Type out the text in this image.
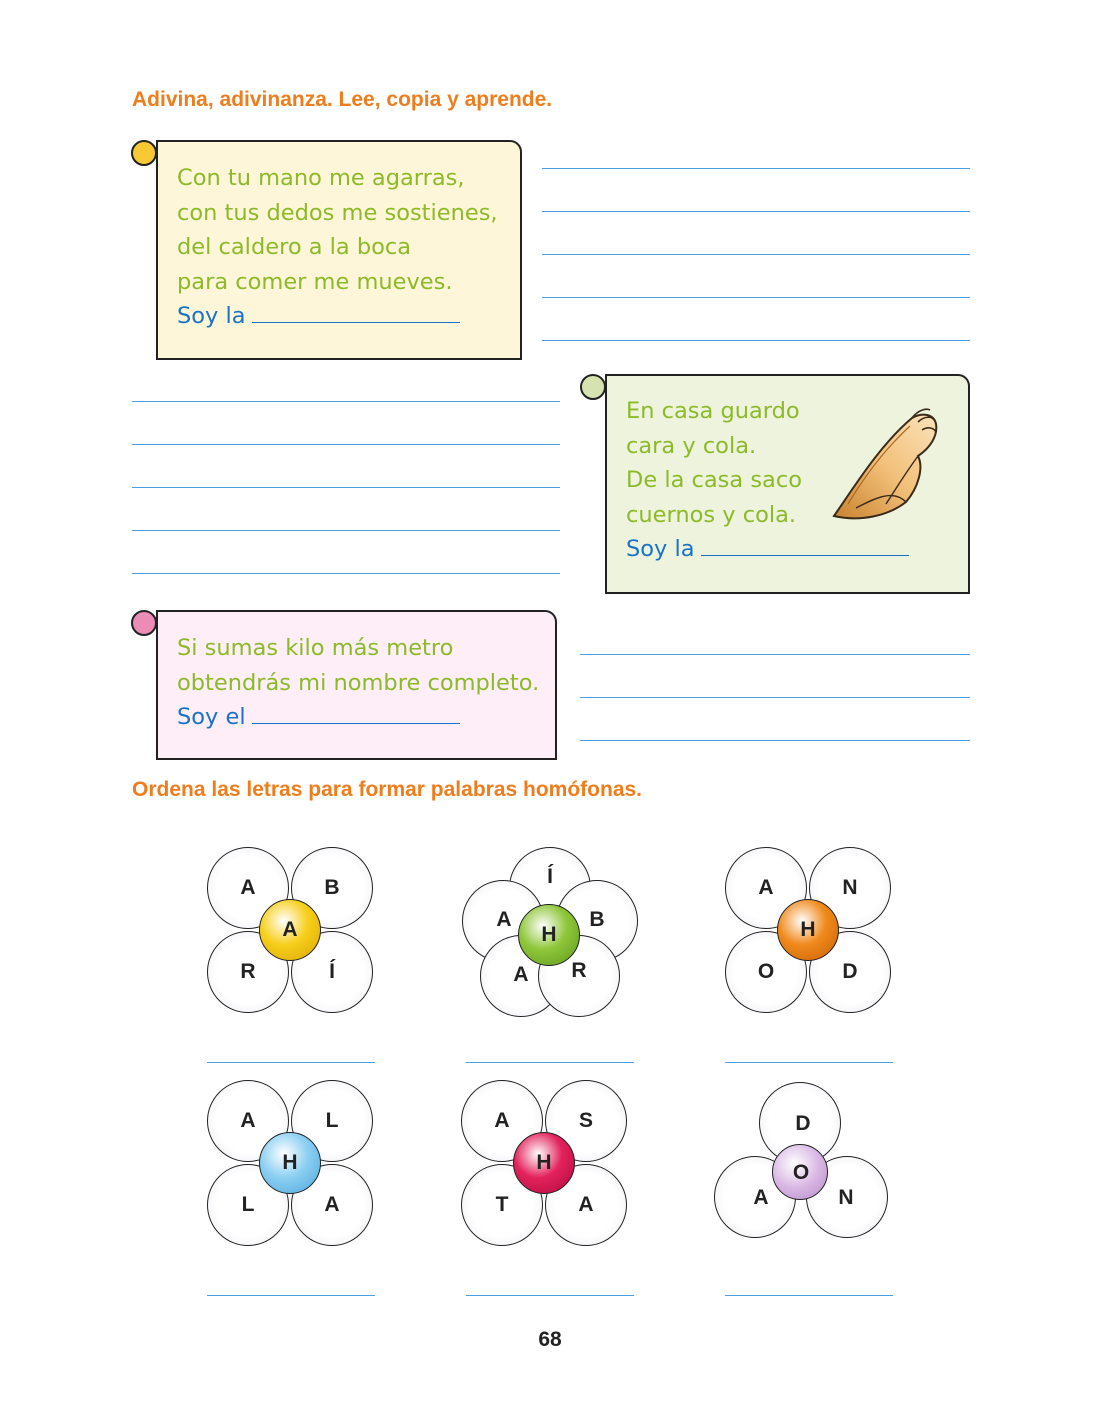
Adivina, adivinanza. Lee, copia y aprende.
Ordena las letras para formar palabras homófonas.
Con tu mano me agarras,
con tus dedos me sostienes,
del caldero a la boca
para comer me mueves.
Soy la
En casa guardo
cara y cola.
De la casa saco
cuernos y cola.
Soy la
Si sumas kilo más metro
obtendrás mi nombre completo.
Soy el
A	B
R	Í
A
Í
A	B
A	R
H
A	N
O	D
H
A	L
L	A
H
A	S
T	A
H
D
A	N
O
68
